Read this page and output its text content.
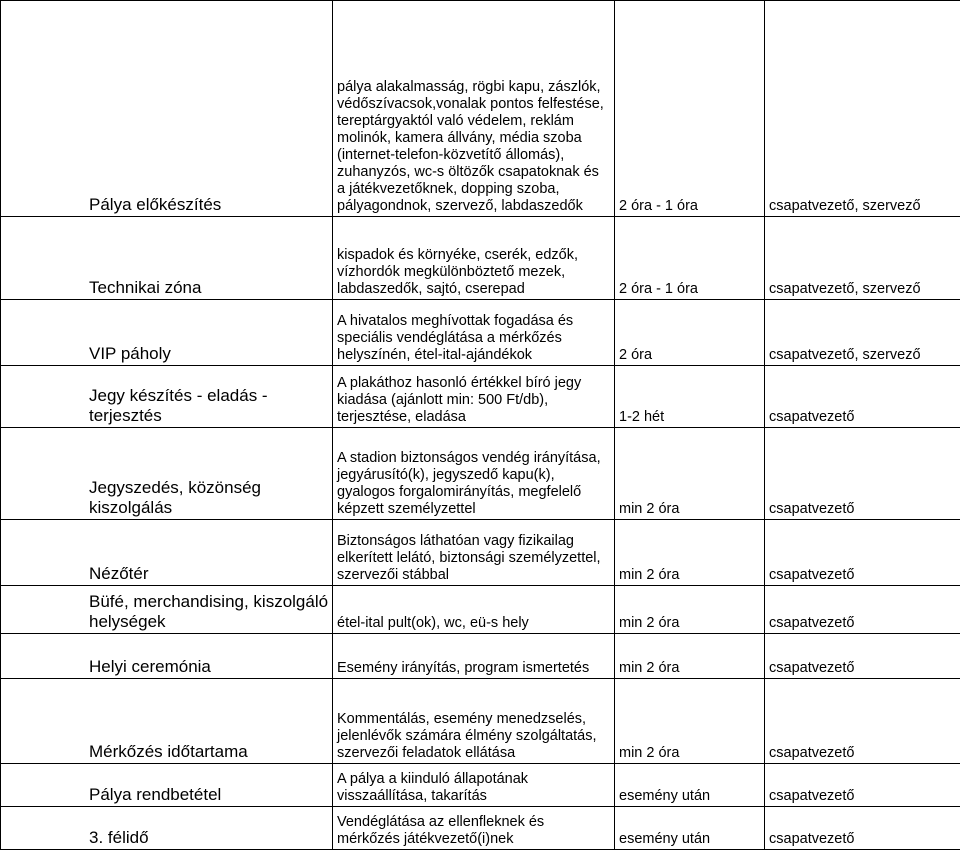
Pálya előkészítés	pálya alakalmasság, rögbi kapu, zászlók, védőszívacsok,vonalak pontos felfestése, tereptárgyaktól való védelem, reklám molinók, kamera állvány, média szoba (internet-telefon-közvetítő állomás), zuhanyzós, wc-s öltözők csapatoknak és a játékvezetőknek, dopping szoba, pályagondnok, szervező, labdaszedők	2 óra - 1 óra	csapatvezető, szervező
Technikai zóna	kispadok és környéke, cserék, edzők, vízhordók megkülönböztető mezek, labdaszedők, sajtó, cserepad	2 óra - 1 óra	csapatvezető, szervező
VIP páholy	A hivatalos meghívottak fogadása és speciális vendéglátása a mérkőzés helyszínén, étel-ital-ajándékok	2 óra	csapatvezető, szervező
Jegy készítés - eladás - terjesztés	A plakáthoz hasonló értékkel bíró jegy kiadása (ajánlott min: 500 Ft/db), terjesztése, eladása	1-2 hét	csapatvezető
Jegyszedés, közönség kiszolgálás	A stadion biztonságos vendég irányítása, jegyárusító(k), jegyszedő kapu(k), gyalogos forgalomirányítás, megfelelő képzett személyzettel	min 2 óra	csapatvezető
Nézőtér	Biztonságos láthatóan vagy fizikailag elkerített lelátó, biztonsági személyzettel, szervezői stábbal	min 2 óra	csapatvezető
Büfé, merchandising, kiszolgáló helységek	étel-ital pult(ok), wc, eü-s hely	min 2 óra	csapatvezető
Helyi ceremónia	Esemény irányítás, program ismertetés	min 2 óra	csapatvezető
Mérkőzés időtartama	Kommentálás, esemény menedzselés, jelenlévők számára élmény szolgáltatás, szervezői feladatok ellátása	min 2 óra	csapatvezető
Pálya rendbetétel	A pálya a kiinduló állapotának visszaállítása, takarítás	esemény után	csapatvezető
3. félidő	Vendéglátása az ellenfleknek és mérkőzés játékvezető(i)nek	esemény után	csapatvezető
